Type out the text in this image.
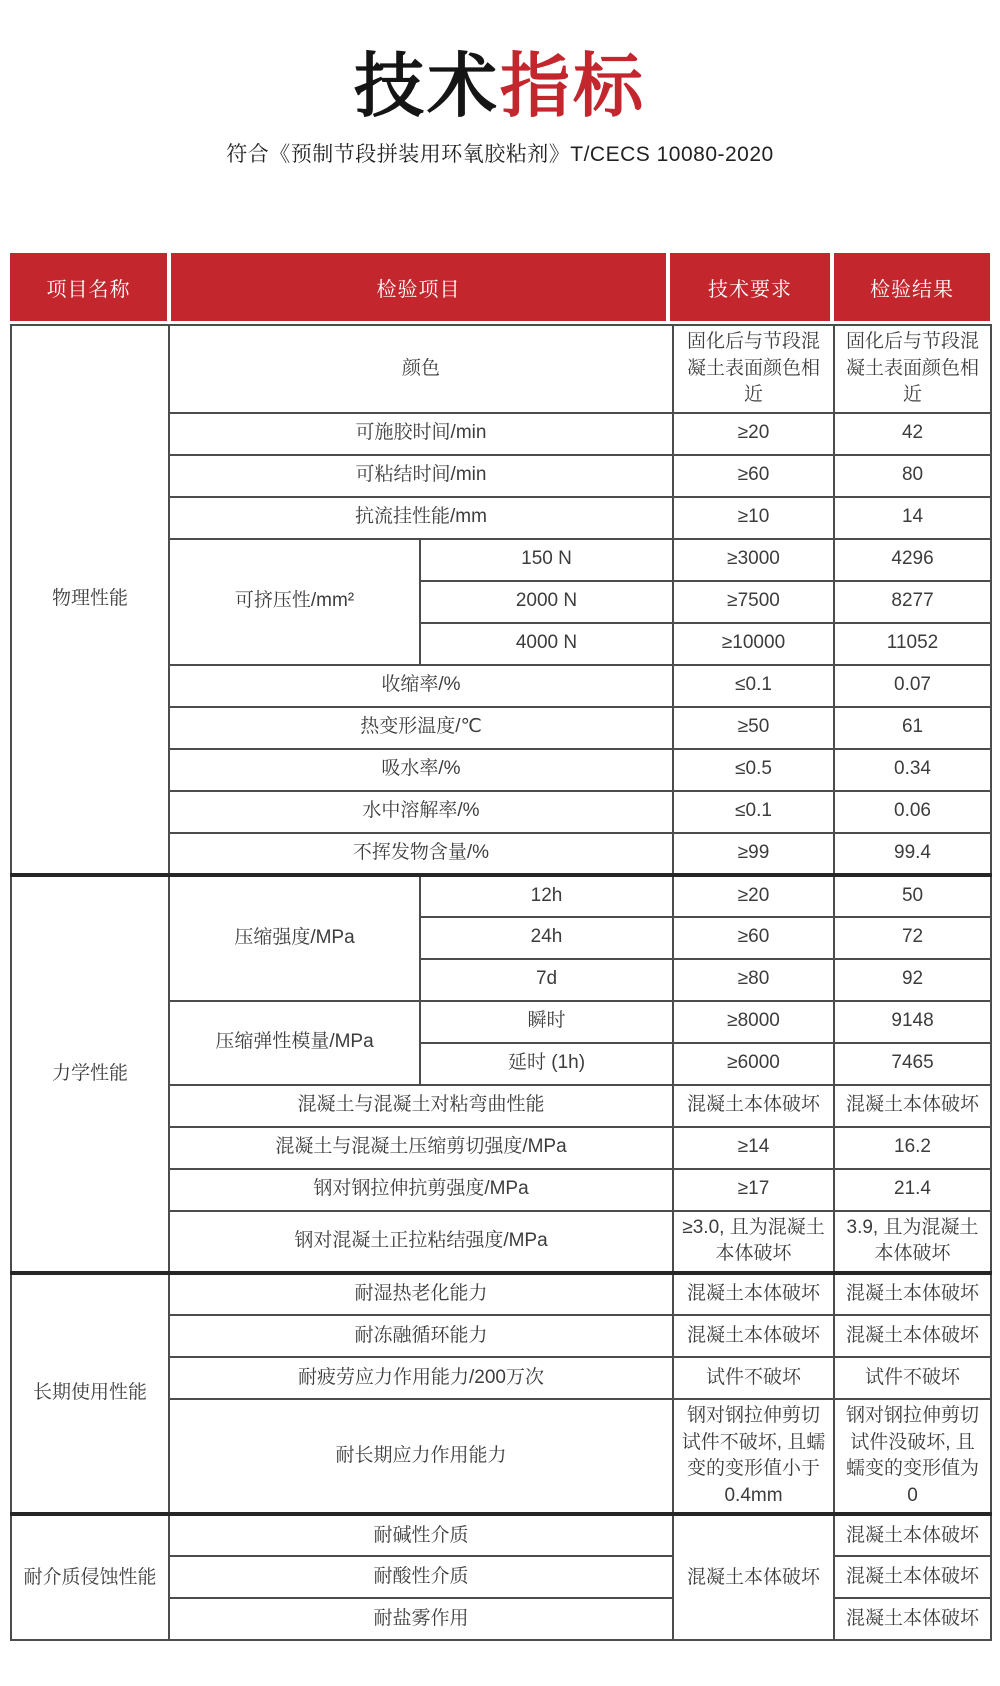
技术指标

符合《预制节段拼装用环氧胶粘剂》T/CECS 10080-2020

项目名称	检验项目	技术要求	检验结果
物理性能	颜色		固化后与节段混凝土表面颜色相近	固化后与节段混凝土表面颜色相近
	可施胶时间/min		≥20	42
	可粘结时间/min		≥60	80
	抗流挂性能/mm		≥10	14
	可挤压性/mm²	150 N	≥3000	4296
		2000 N	≥7500	8277
		4000 N	≥10000	11052
	收缩率/%		≤0.1	0.07
	热变形温度/℃		≥50	61
	吸水率/%		≤0.5	0.34
	水中溶解率/%		≤0.1	0.06
	不挥发物含量/%		≥99	99.4
力学性能	压缩强度/MPa	12h	≥20	50
		24h	≥60	72
		7d	≥80	92
	压缩弹性模量/MPa	瞬时	≥8000	9148
		延时 (1h)	≥6000	7465
	混凝土与混凝土对粘弯曲性能		混凝土本体破坏	混凝土本体破坏
	混凝土与混凝土压缩剪切强度/MPa		≥14	16.2
	钢对钢拉伸抗剪强度/MPa		≥17	21.4
	钢对混凝土正拉粘结强度/MPa		≥3.0, 且为混凝土本体破坏	3.9, 且为混凝土本体破坏
长期使用性能	耐湿热老化能力		混凝土本体破坏	混凝土本体破坏
	耐冻融循环能力		混凝土本体破坏	混凝土本体破坏
	耐疲劳应力作用能力/200万次		试件不破坏	试件不破坏
	耐长期应力作用能力		钢对钢拉伸剪切试件不破坏, 且蠕变的变形值小于0.4mm	钢对钢拉伸剪切试件没破坏, 且蠕变的变形值为0
耐介质侵蚀性能	耐碱性介质		混凝土本体破坏	混凝土本体破坏
	耐酸性介质			混凝土本体破坏
	耐盐雾作用			混凝土本体破坏
